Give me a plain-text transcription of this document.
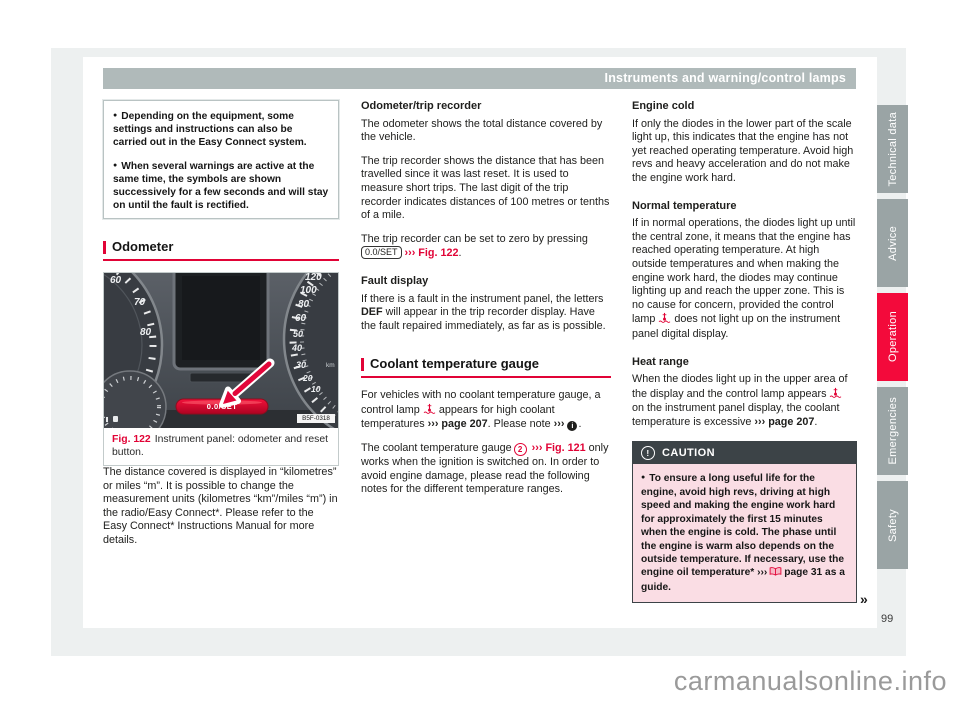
Instruments and warning/control lamps

● Depending on the equipment, some settings and instructions can also be carried out in the Easy Connect system.

● When several warnings are active at the same time, the symbols are shown successively for a few seconds and will stay on until the fault is rectified.

Odometer
60
70
80
120
100
80
60
50
40
30
20
10
km
0.0/SET
B5F-0318
Fig. 122 Instrument panel: odometer and reset button.

The distance covered is displayed in “kilometres” or miles “m”. It is possible to change the measurement units (kilometres “km”/miles “m”) in the radio/Easy Connect*. Please refer to the Easy Connect* Instructions Manual for more details.

Odometer/trip recorder

The odometer shows the total distance covered by the vehicle.

The trip recorder shows the distance that has been travelled since it was last reset. It is used to measure short trips. The last digit of the trip recorder indicates distances of 100 metres or tenths of a mile.

The trip recorder can be set to zero by pressing 0.0/SET ››› Fig. 122.

Fault display

If there is a fault in the instrument panel, the letters DEF will appear in the trip recorder display. Have the fault repaired immediately, as far as is possible.

Coolant temperature gauge

For vehicles with no coolant temperature gauge, a control lamp appears for high coolant temperatures ››› page 207. Please note ››› i .

The coolant temperature gauge 2 ››› Fig. 121 only works when the ignition is switched on. In order to avoid engine damage, please read the following notes for the different temperature ranges.

Engine cold

If only the diodes in the lower part of the scale light up, this indicates that the engine has not yet reached operating temperature. Avoid high revs and heavy acceleration and do not make the engine work hard.

Normal temperature

If in normal operations, the diodes light up until the central zone, it means that the engine has reached operating temperature. At high outside temperatures and when making the engine work hard, the diodes may continue lighting up and reach the upper zone. This is no cause for concern, provided the control lamp does not light up on the instrument panel digital display.

Heat range

When the diodes light up in the upper area of the display and the control lamp appearson the instrument panel display, the coolant temperature is excessive ››› page 207.

!	CAUTION
● To ensure a long useful life for the engine, avoid high revs, driving at high speed and making the engine work hard for approximately the first 15 minutes when the engine is cold. The phase until the engine is warm also depends on the outside temperature. If necessary, use the engine oil temperature* ››› page 31 as a guide.
»
Technical data
Advice
Operation
Emergencies
Safety
99
carmanualsonline.info
